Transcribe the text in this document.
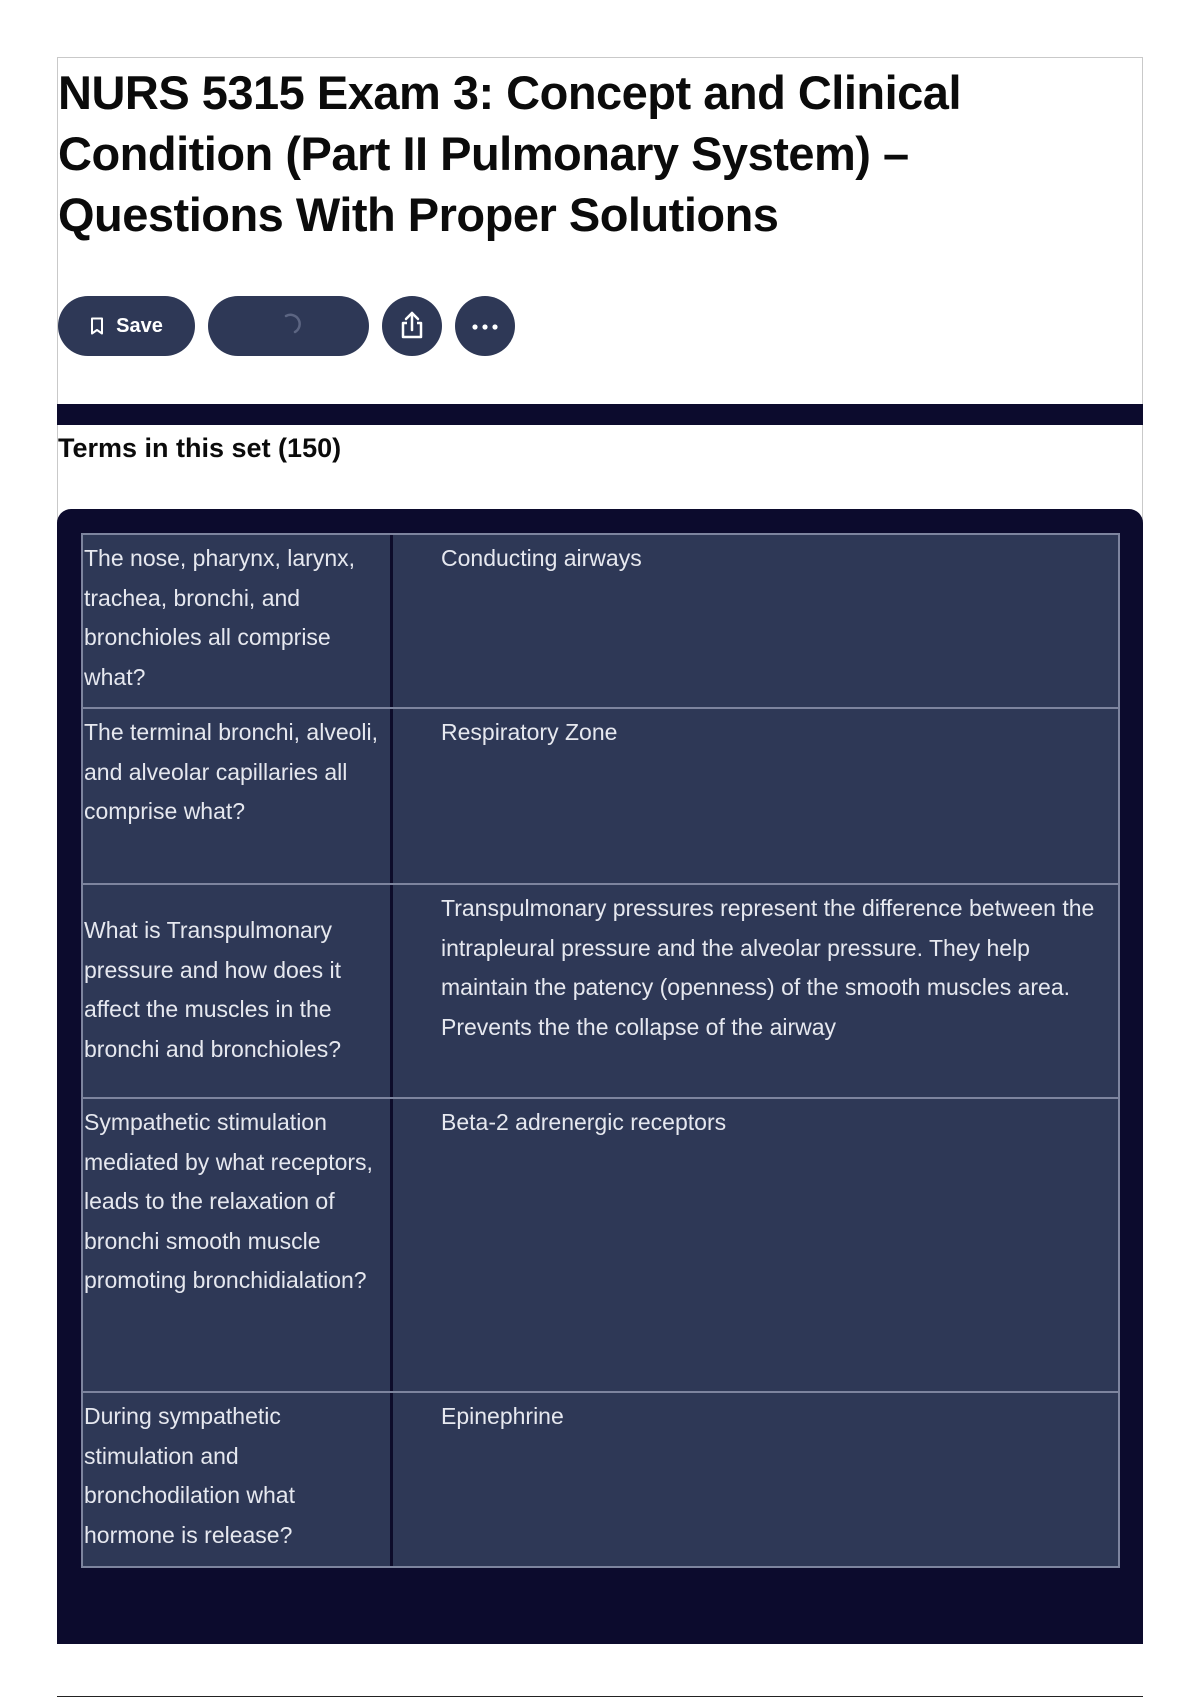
NURS 5315 Exam 3: Concept and Clinical Condition (Part II Pulmonary System) – Questions With Proper Solutions
Save
Terms in this set (150)
The nose, pharynx, larynx, trachea, bronchi, and bronchioles all comprise what?
Conducting airways
The terminal bronchi, alveoli, and alveolar capillaries all comprise what?
Respiratory Zone
What is Transpulmonary pressure and how does it affect the muscles in the bronchi and bronchioles?
Transpulmonary pressures represent the difference between the intrapleural pressure and the alveolar pressure. They help maintain the patency (openness) of the smooth muscles area. Prevents the the collapse of the airway
Sympathetic stimulation mediated by what receptors, leads to the relaxation of bronchi smooth muscle promoting bronchidialation?
Beta-2 adrenergic receptors
During sympathetic stimulation and bronchodilation what hormone is release?
Epinephrine
